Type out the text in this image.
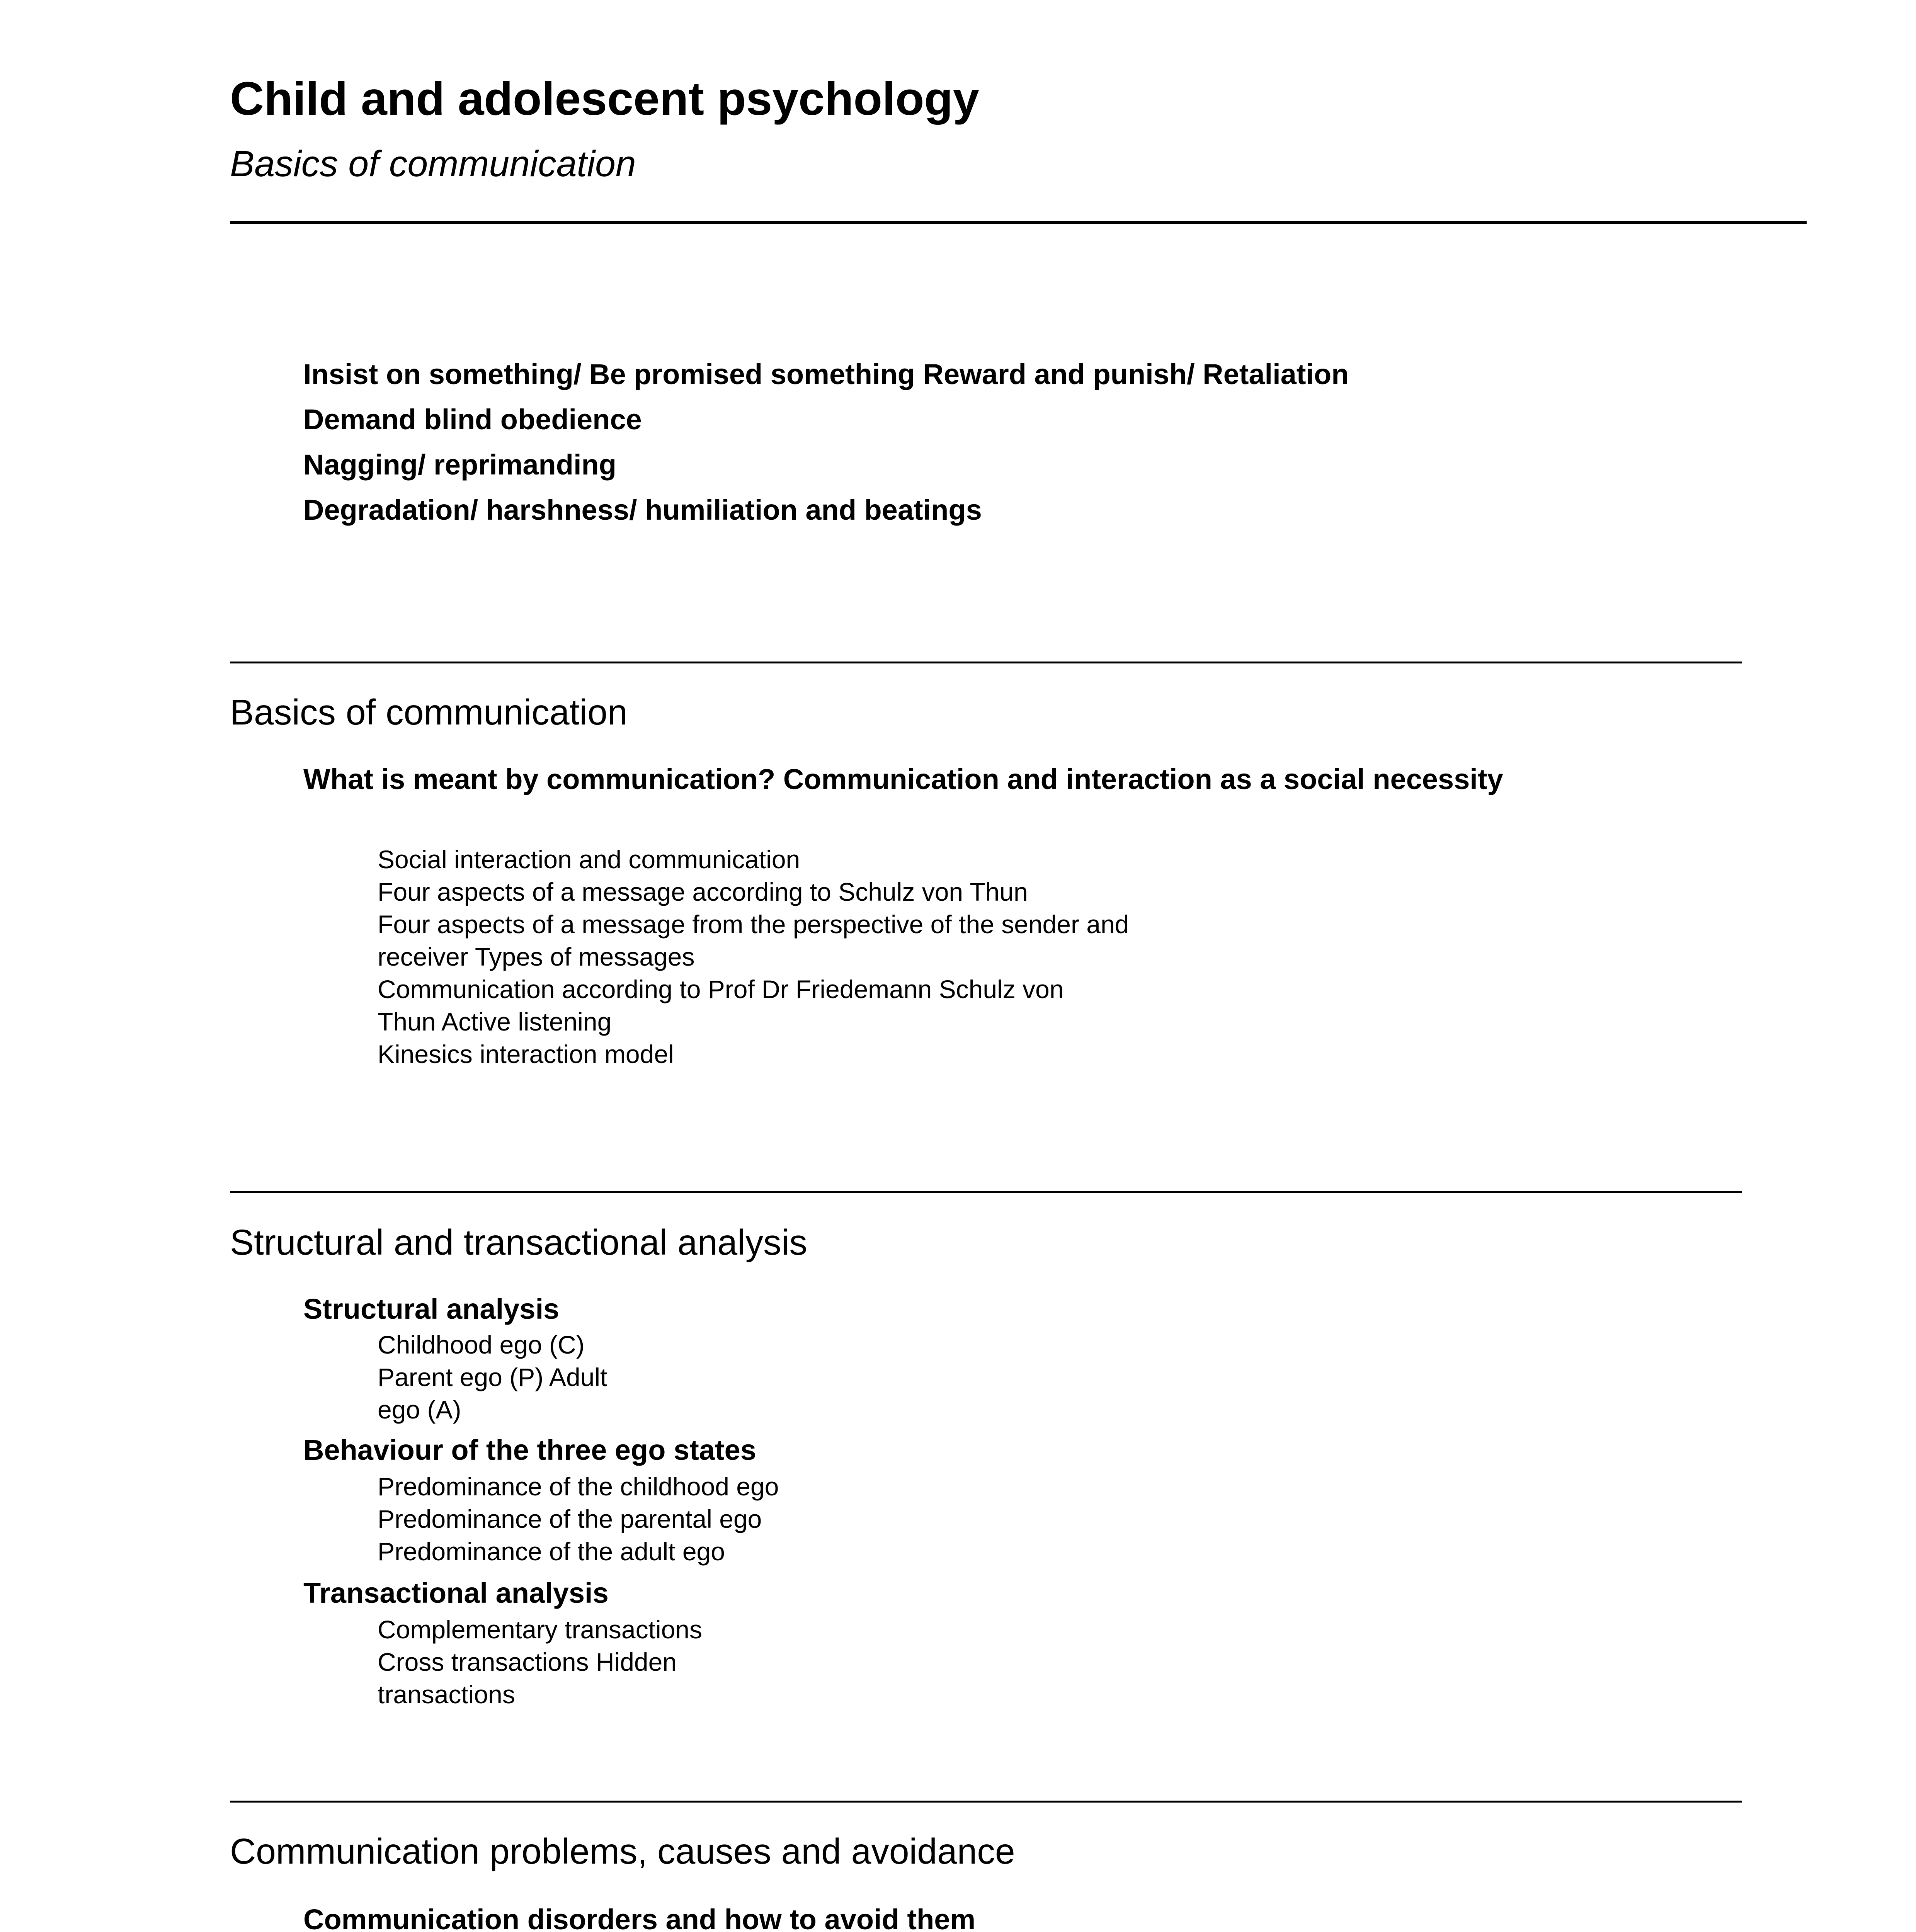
Child and adolescent psychology
Basics of communication
Insist on something/ Be promised something Reward and punish/ Retaliation
Demand blind obedience
Nagging/ reprimanding
Degradation/ harshness/ humiliation and beatings
Basics of communication
What is meant by communication? Communication and interaction as a social necessity
Social interaction and communication
Four aspects of a message according to Schulz von Thun
Four aspects of a message from the perspective of the sender and
receiver Types of messages
Communication according to Prof Dr Friedemann Schulz von
Thun Active listening
Kinesics interaction model
Structural and transactional analysis
Structural analysis
Childhood ego (C)
Parent ego (P) Adult
ego (A)
Behaviour of the three ego states
Predominance of the childhood ego
Predominance of the parental ego
Predominance of the adult ego
Transactional analysis
Complementary transactions
Cross transactions Hidden
transactions
Communication problems, causes and avoidance
Communication disorders and how to avoid them
